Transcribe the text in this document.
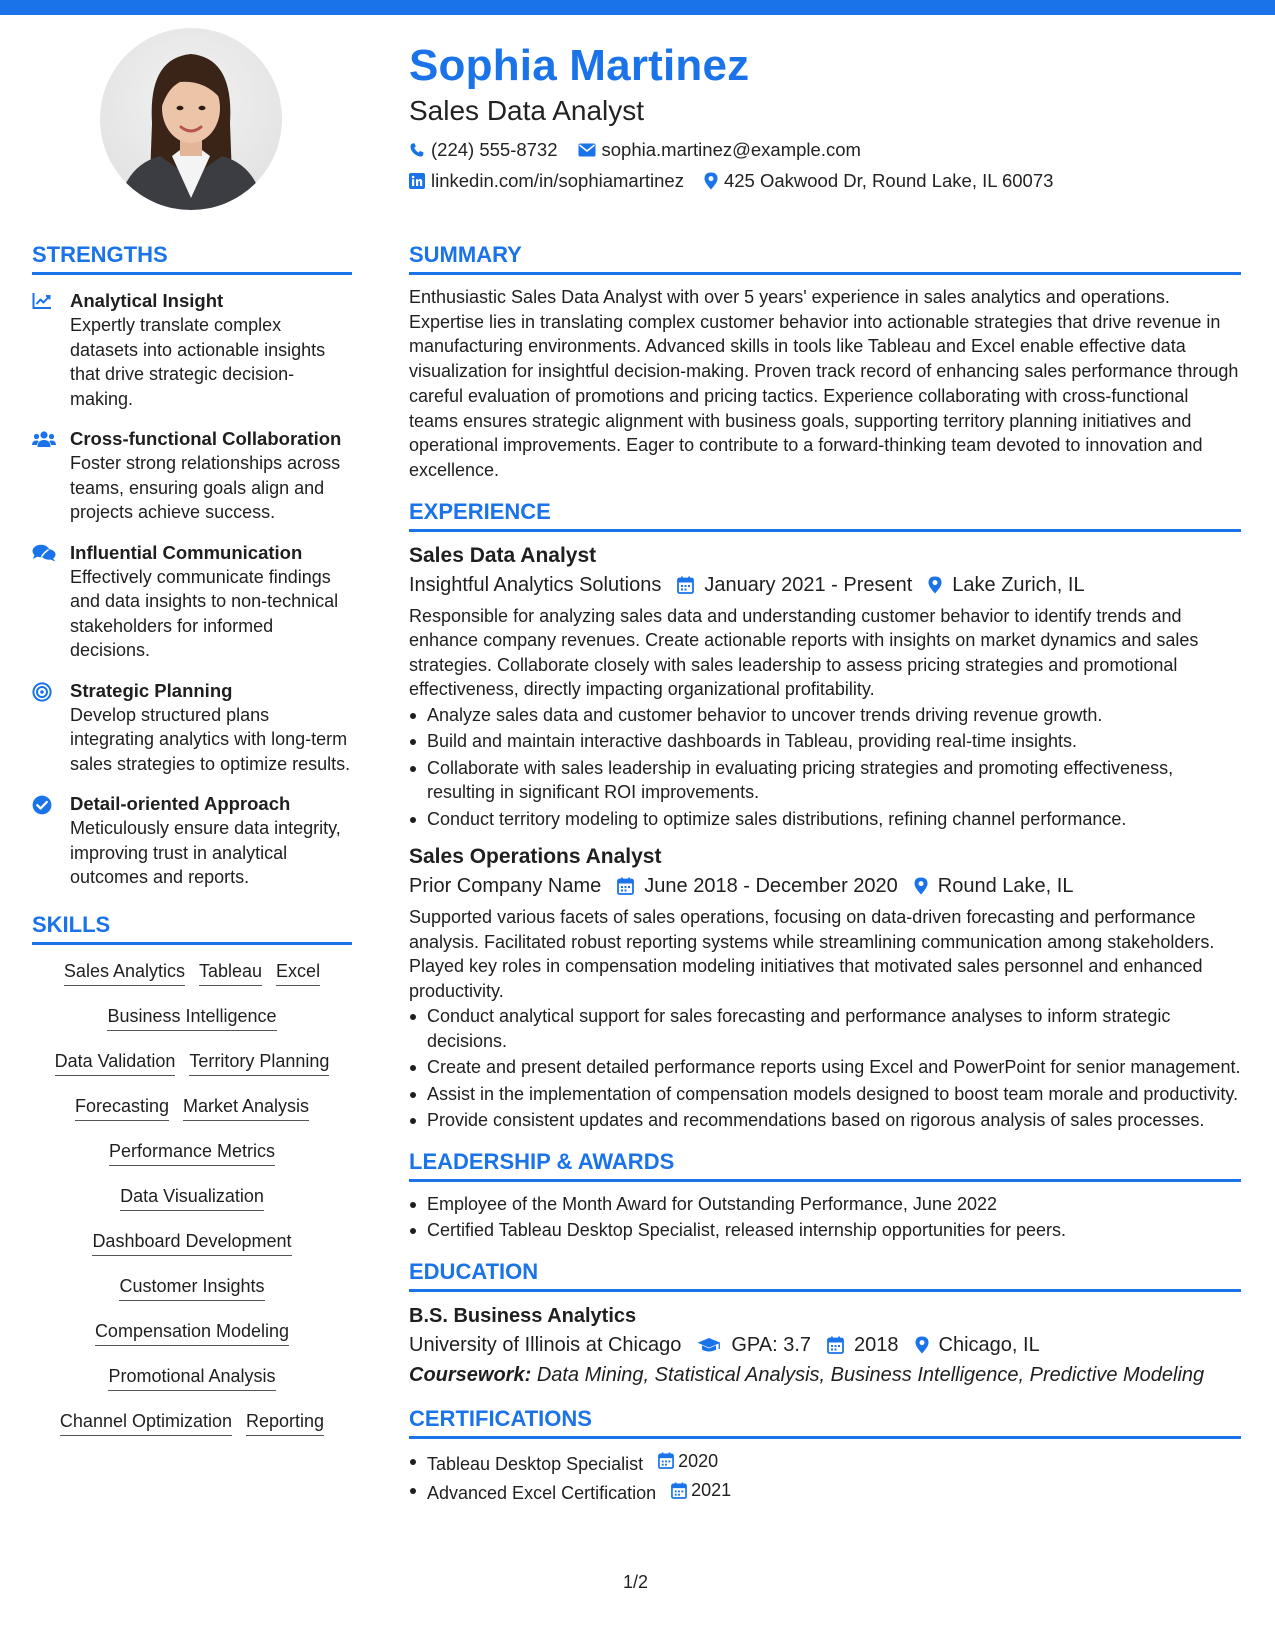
Sophia Martinez
Sales Data Analyst
(224) 555-8732 sophia.martinez@example.com
linkedin.com/in/sophiamartinez 425 Oakwood Dr, Round Lake, IL 60073
STRENGTHS
Analytical Insight
Expertly translate complex datasets into actionable insights that drive strategic decision-making.
Cross-functional Collaboration
Foster strong relationships across teams, ensuring goals align and projects achieve success.
Influential Communication
Effectively communicate findings and data insights to non-technical stakeholders for informed decisions.
Strategic Planning
Develop structured plans integrating analytics with long-term sales strategies to optimize results.
Detail-oriented Approach
Meticulously ensure data integrity, improving trust in analytical outcomes and reports.
SKILLS
Sales Analytics Tableau Excel
Business Intelligence
Data Validation Territory Planning
Forecasting Market Analysis
Performance Metrics
Data Visualization
Dashboard Development
Customer Insights
Compensation Modeling
Promotional Analysis
Channel Optimization Reporting
SUMMARY
Enthusiastic Sales Data Analyst with over 5 years' experience in sales analytics and operations. Expertise lies in translating complex customer behavior into actionable strategies that drive revenue in manufacturing environments. Advanced skills in tools like Tableau and Excel enable effective data visualization for insightful decision-making. Proven track record of enhancing sales performance through careful evaluation of promotions and pricing tactics. Experience collaborating with cross-functional teams ensures strategic alignment with business goals, supporting territory planning initiatives and operational improvements. Eager to contribute to a forward-thinking team devoted to innovation and excellence.
EXPERIENCE
Sales Data Analyst
Insightful Analytics Solutions January 2021 - Present Lake Zurich, IL
Responsible for analyzing sales data and understanding customer behavior to identify trends and enhance company revenues. Create actionable reports with insights on market dynamics and sales strategies. Collaborate closely with sales leadership to assess pricing strategies and promotional effectiveness, directly impacting organizational profitability.
Analyze sales data and customer behavior to uncover trends driving revenue growth.
Build and maintain interactive dashboards in Tableau, providing real-time insights.
Collaborate with sales leadership in evaluating pricing strategies and promoting effectiveness, resulting in significant ROI improvements.
Conduct territory modeling to optimize sales distributions, refining channel performance.
Sales Operations Analyst
Prior Company Name June 2018 - December 2020 Round Lake, IL
Supported various facets of sales operations, focusing on data-driven forecasting and performance analysis. Facilitated robust reporting systems while streamlining communication among stakeholders. Played key roles in compensation modeling initiatives that motivated sales personnel and enhanced productivity.
Conduct analytical support for sales forecasting and performance analyses to inform strategic decisions.
Create and present detailed performance reports using Excel and PowerPoint for senior management.
Assist in the implementation of compensation models designed to boost team morale and productivity.
Provide consistent updates and recommendations based on rigorous analysis of sales processes.
LEADERSHIP & AWARDS
Employee of the Month Award for Outstanding Performance, June 2022
Certified Tableau Desktop Specialist, released internship opportunities for peers.
EDUCATION
B.S. Business Analytics
University of Illinois at Chicago	GPA: 3.7 2018 Chicago, IL
Coursework: Data Mining, Statistical Analysis, Business Intelligence, Predictive Modeling
CERTIFICATIONS
Tableau Desktop Specialist 2020
Advanced Excel Certification 2021
1/2
